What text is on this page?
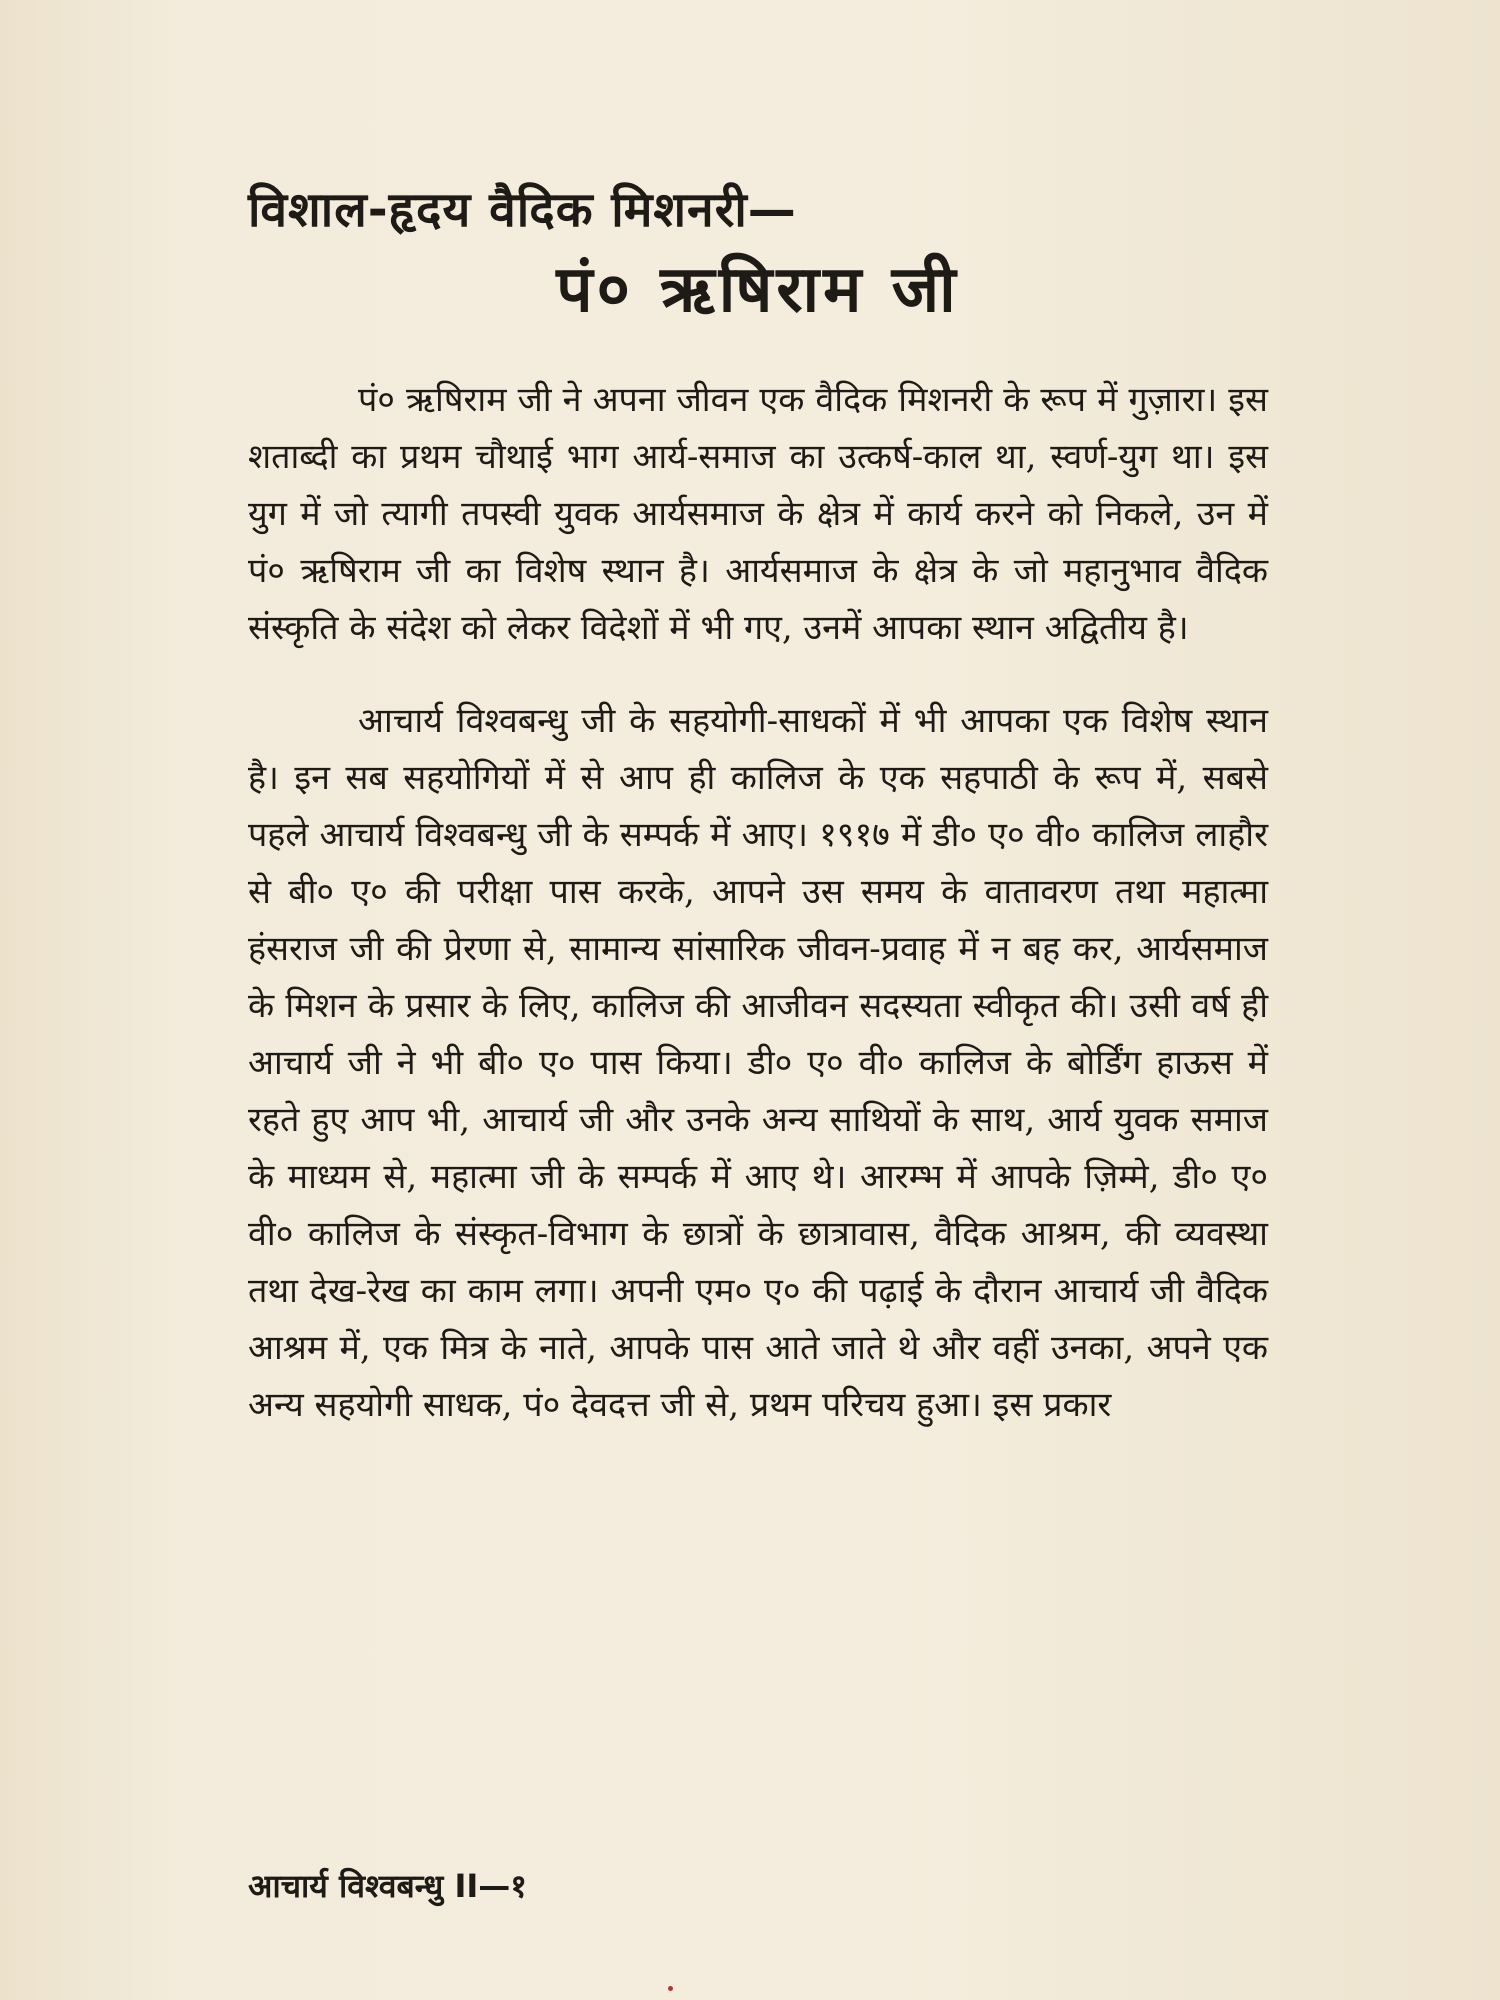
विशाल-हृदय वैदिक मिशनरी—
पं० ऋषिराम जी

पं० ऋषिराम जी ने अपना जीवन एक वैदिक मिशनरी के रूप में गुज़ारा। इस शताब्दी का प्रथम चौथाई भाग आर्य-समाज का उत्कर्ष-काल था, स्वर्ण-युग था। इस युग में जो त्यागी तपस्वी युवक आर्यसमाज के क्षेत्र में कार्य करने को निकले, उन में पं० ऋषिराम जी का विशेष स्थान है। आर्यसमाज के क्षेत्र के जो महानुभाव वैदिक संस्कृति के संदेश को लेकर विदेशों में भी गए, उनमें आपका स्थान अद्वितीय है।

आचार्य विश्वबन्धु जी के सहयोगी-साधकों में भी आपका एक विशेष स्थान है। इन सब सहयोगियों में से आप ही कालिज के एक सहपाठी के रूप में, सबसे पहले आचार्य विश्वबन्धु जी के सम्पर्क में आए। १९१७ में डी० ए० वी० कालिज लाहौर से बी० ए० की परीक्षा पास करके, आपने उस समय के वातावरण तथा महात्मा हंसराज जी की प्रेरणा से, सामान्य सांसारिक जीवन-प्रवाह में न बह कर, आर्यसमाज के मिशन के प्रसार के लिए, कालिज की आजीवन सदस्यता स्वीकृत की। उसी वर्ष ही आचार्य जी ने भी बी० ए० पास किया। डी० ए० वी० कालिज के बोर्डिंग हाऊस में रहते हुए आप भी, आचार्य जी और उनके अन्य साथियों के साथ, आर्य युवक समाज के माध्यम से, महात्मा जी के सम्पर्क में आए थे। आरम्भ में आपके ज़िम्मे, डी० ए० वी० कालिज के संस्कृत-विभाग के छात्रों के छात्रावास, वैदिक आश्रम, की व्यवस्था तथा देख-रेख का काम लगा। अपनी एम० ए० की पढ़ाई के दौरान आचार्य जी वैदिक आश्रम में, एक मित्र के नाते, आपके पास आते जाते थे और वहीं उनका, अपने एक अन्य सहयोगी साधक, पं० देवदत्त जी से, प्रथम परिचय हुआ। इस प्रकार

आचार्य विश्वबन्धु II—१
